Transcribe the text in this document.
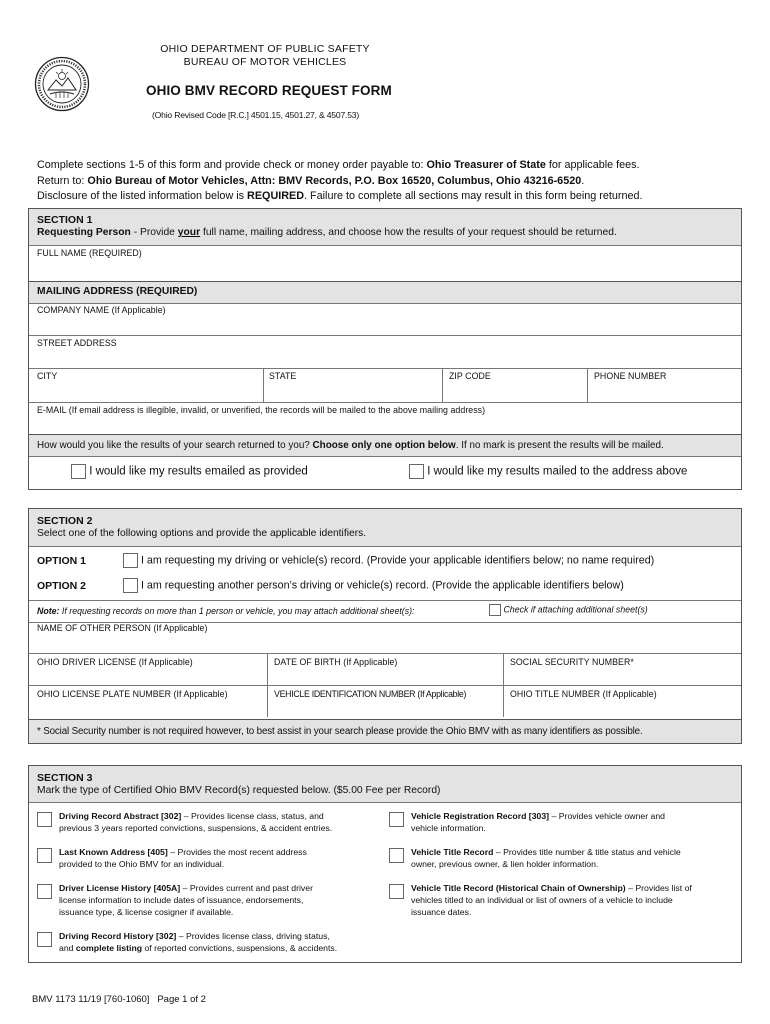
OHIO DEPARTMENT OF PUBLIC SAFETY
BUREAU OF MOTOR VEHICLES
OHIO BMV RECORD REQUEST FORM
(Ohio Revised Code [R.C.] 4501.15, 4501.27, & 4507.53)
Complete sections 1-5 of this form and provide check or money order payable to: Ohio Treasurer of State for applicable fees.
Return to: Ohio Bureau of Motor Vehicles, Attn: BMV Records, P.O. Box 16520, Columbus, Ohio 43216-6520.
Disclosure of the listed information below is REQUIRED. Failure to complete all sections may result in this form being returned.
SECTION 1
Requesting Person - Provide your full name, mailing address, and choose how the results of your request should be returned.
FULL NAME (REQUIRED)
MAILING ADDRESS (REQUIRED)
COMPANY NAME (If Applicable)
STREET ADDRESS
CITY	STATE	ZIP CODE	PHONE NUMBER
E-MAIL (If email address is illegible, invalid, or unverified, the records will be mailed to the above mailing address)
How would you like the results of your search returned to you? Choose only one option below. If no mark is present the results will be mailed.
I would like my results emailed as provided	I would like my results mailed to the address above
SECTION 2
Select one of the following options and provide the applicable identifiers.
OPTION 1	I am requesting my driving or vehicle(s) record. (Provide your applicable identifiers below; no name required)
OPTION 2	I am requesting another person’s driving or vehicle(s) record. (Provide the applicable identifiers below)
Note: If requesting records on more than 1 person or vehicle, you may attach additional sheet(s):	Check if attaching additional sheet(s)
NAME OF OTHER PERSON (If Applicable)
OHIO DRIVER LICENSE (If Applicable)	DATE OF BIRTH (If Applicable)	SOCIAL SECURITY NUMBER*
OHIO LICENSE PLATE NUMBER (If Applicable)	VEHICLE IDENTIFICATION NUMBER (If Applicable)	OHIO TITLE NUMBER (If Applicable)
* Social Security number is not required however, to best assist in your search please provide the Ohio BMV with as many identifiers as possible.
SECTION 3
Mark the type of Certified Ohio BMV Record(s) requested below. ($5.00 Fee per Record)
Driving Record Abstract [302] – Provides license class, status, and
previous 3 years reported convictions, suspensions, & accident entries.
Vehicle Registration Record [303] – Provides vehicle owner and
vehicle information.
Last Known Address [405] – Provides the most recent address
provided to the Ohio BMV for an individual.
Vehicle Title Record – Provides title number & title status and vehicle
owner, previous owner, & lien holder information.
Driver License History [405A] – Provides current and past driver
license information to include dates of issuance, endorsements,
issuance type, & license cosigner if available.
Vehicle Title Record (Historical Chain of Ownership) – Provides list of
vehicles titled to an individual or list of owners of a vehicle to include
issuance dates.
Driving Record History [302] – Provides license class, driving status,
and complete listing of reported convictions, suspensions, & accidents.
BMV 1173 11/19 [760-1060]   Page 1 of 2
